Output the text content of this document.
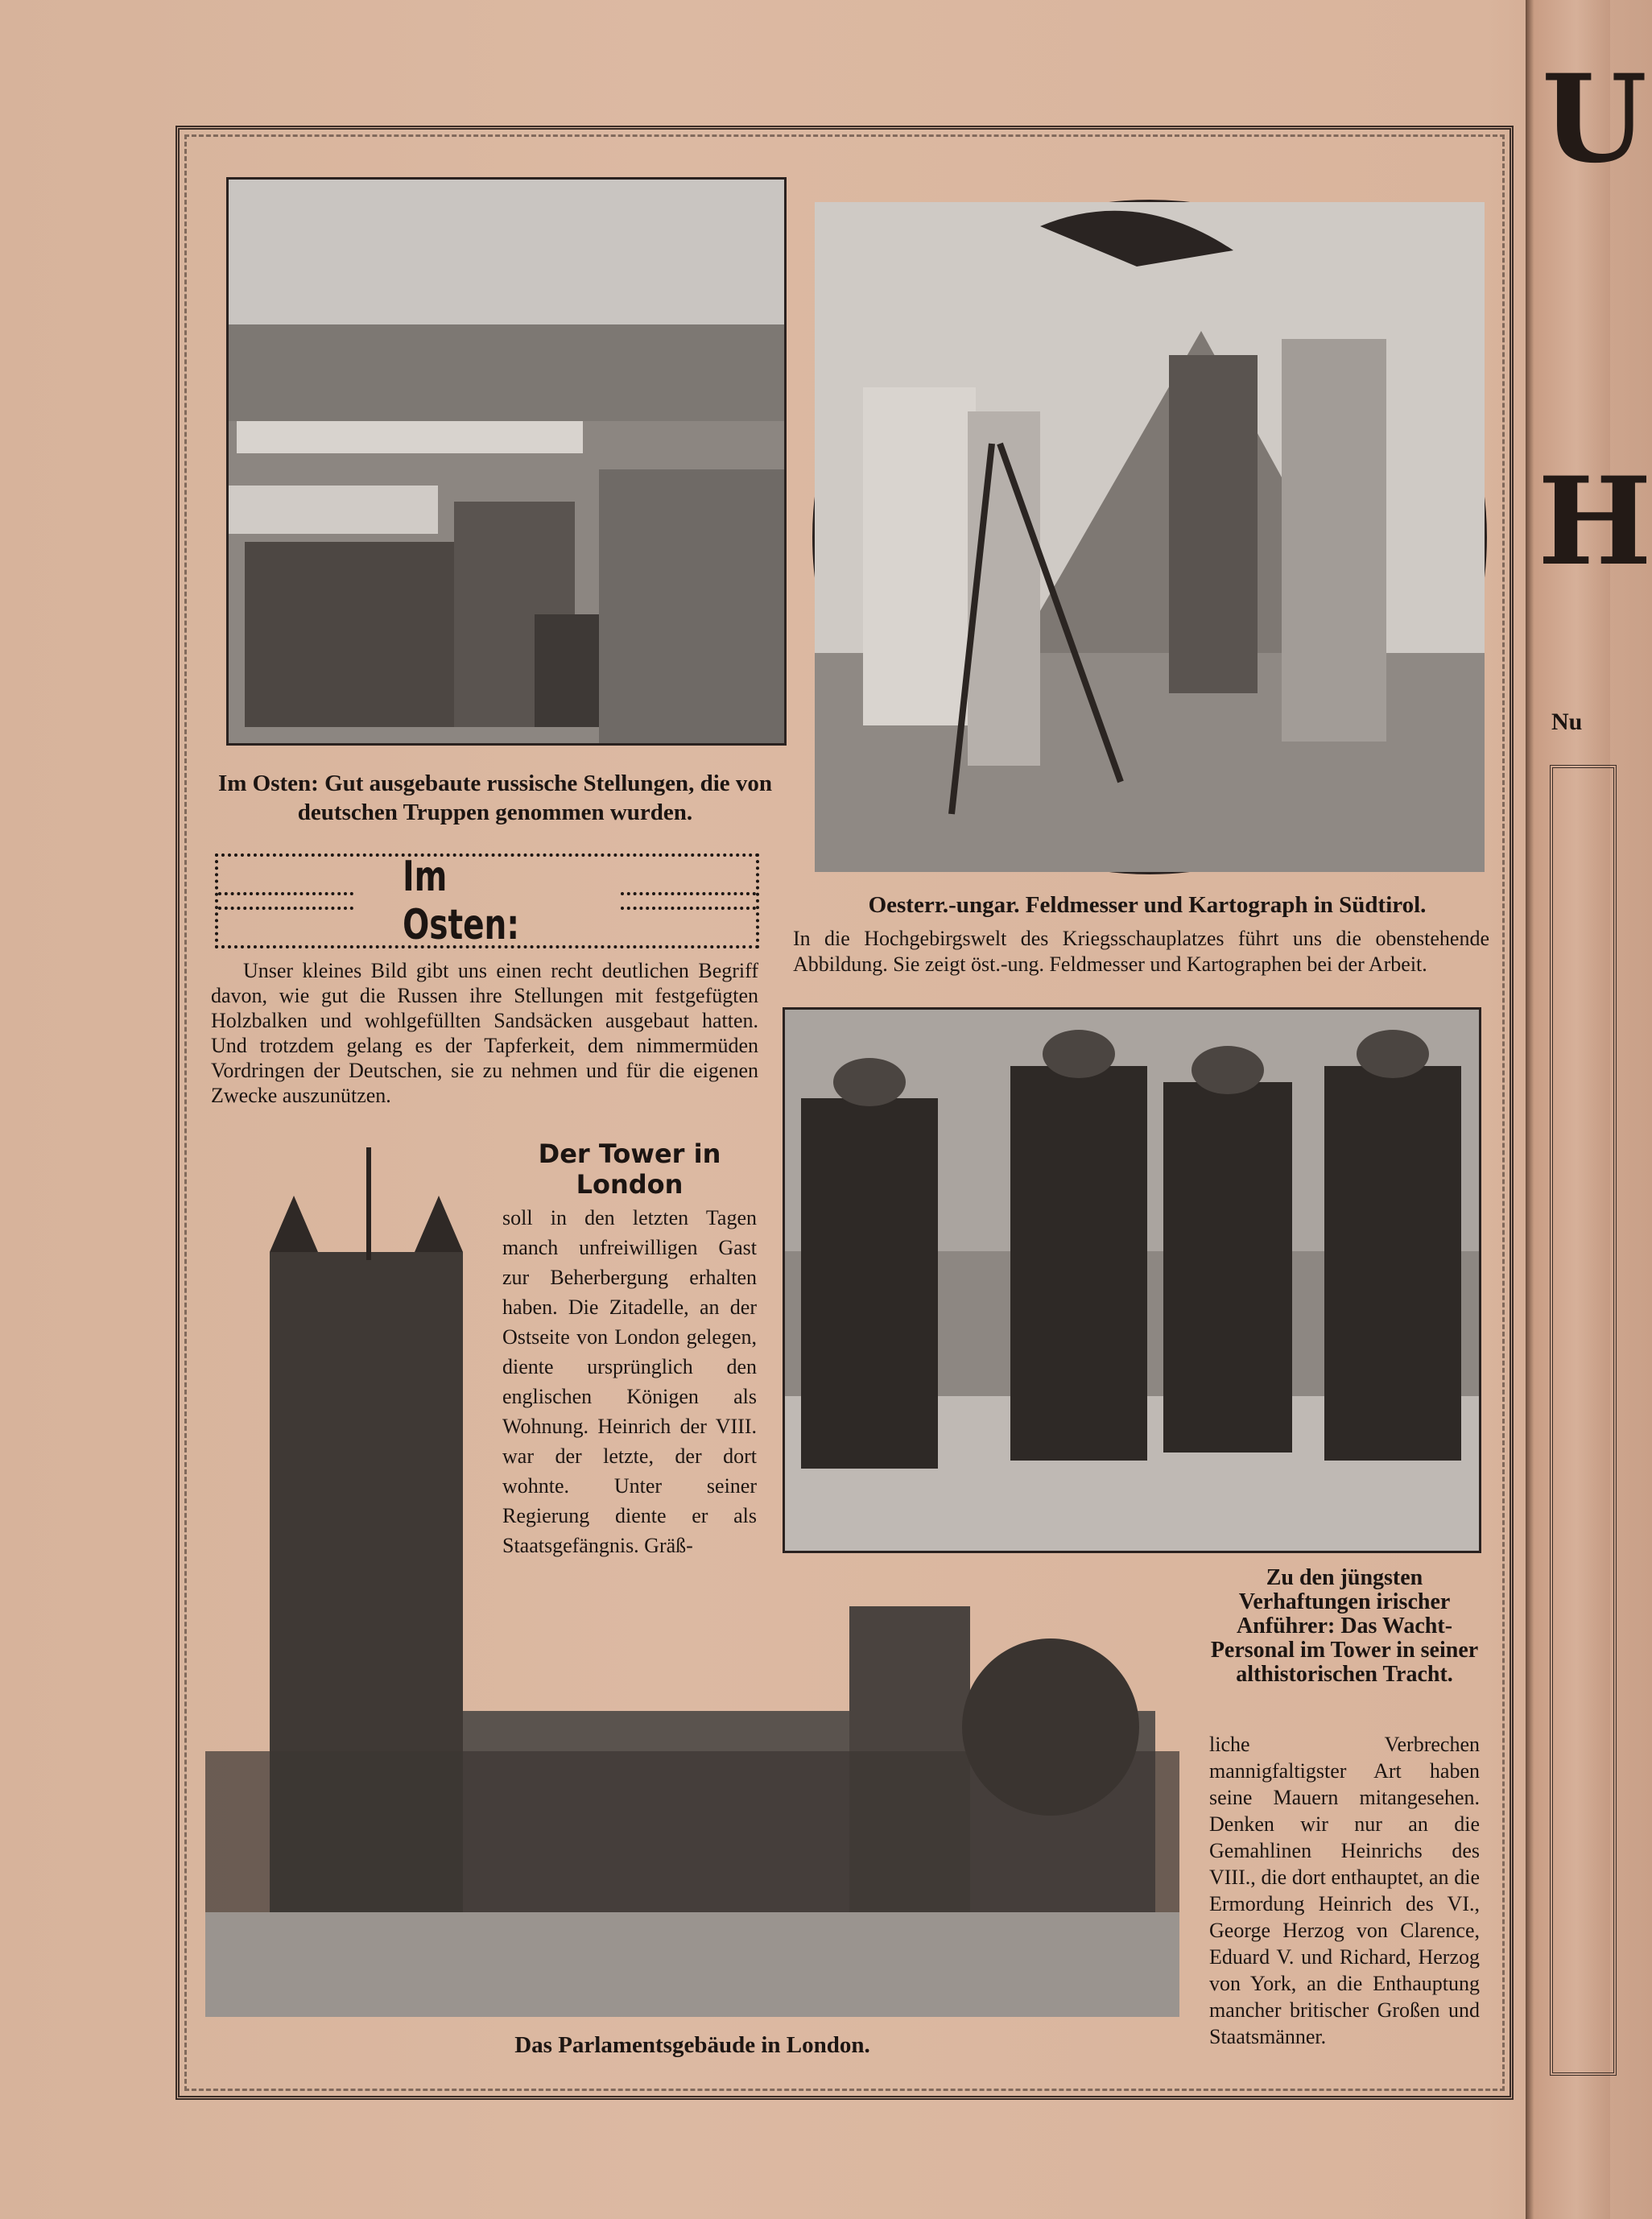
Im Osten: Gut ausgebaute russische Stellungen, die von deutschen Truppen genommen wurden.
Im Osten:
Unser kleines Bild gibt uns einen recht deutlichen Begriff davon, wie gut die Russen ihre Stellungen mit festgefügten Holzbalken und wohlgefüllten Sandsäcken ausgebaut hatten. Und trotzdem gelang es der Tapferkeit, dem nimmermüden Vordringen der Deutschen, sie zu nehmen und für die eigenen Zwecke auszunützen.
Oesterr.-ungar. Feldmesser und Kartograph in Südtirol.
In die Hochgebirgswelt des Kriegsschauplatzes führt uns die obenstehende Abbildung. Sie zeigt öst.-ung. Feldmesser und Kartographen bei der Arbeit.
Der Tower in London
soll in den letzten Tagen manch unfreiwilligen Gast zur Beherbergung erhalten haben. Die Zitadelle, an der Ostseite von London gelegen, diente ursprünglich den englischen Königen als Wohnung. Heinrich der VIII. war der letzte, der dort wohnte. Unter seiner Regierung diente er als Staatsgefängnis. Gräß-
Das Parlamentsgebäude in London.
Zu den jüngsten Verhaftungen irischer Anführer: Das Wacht-Personal im Tower in seiner althistorischen Tracht.
liche Verbrechen mannigfaltigster Art haben seine Mauern mitangesehen. Denken wir nur an die Gemahlinen Heinrichs des VIII., die dort enthauptet, an die Ermordung Heinrich des VI., George Herzog von Clarence, Eduard V. und Richard, Herzog von York, an die Enthauptung mancher britischer Großen und Staatsmänner.
U
H
Nu
